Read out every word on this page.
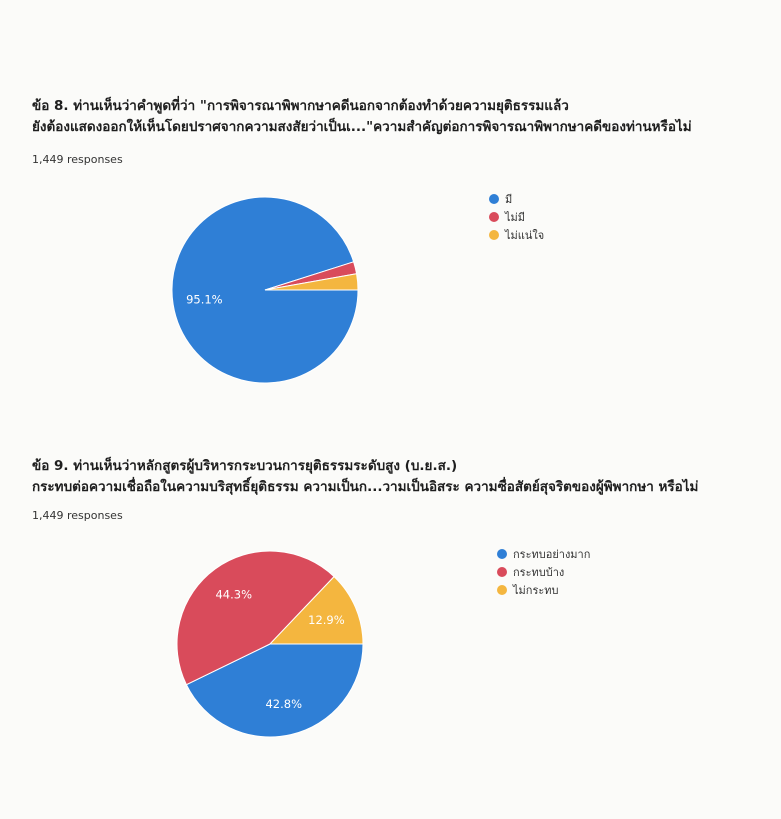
ข้อ 8. ท่านเห็นว่าคำพูดที่ว่า "การพิจารณาพิพากษาคดีนอกจากต้องทำด้วยความยุติธรรมแล้ว
ยังต้องแสดงออกให้เห็นโดยปราศจากความสงสัยว่าเป็นเ..."ความสำคัญต่อการพิจารณาพิพากษาคดีของท่านหรือไม่
1,449 responses
95.1%
มี
ไม่มี
ไม่แน่ใจ
ข้อ 9. ท่านเห็นว่าหลักสูตรผู้บริหารกระบวนการยุติธรรมระดับสูง (บ.ย.ส.)
กระทบต่อความเชื่อถือในความบริสุทธิ์ยุติธรรม ความเป็นก...วามเป็นอิสระ ความซื่อสัตย์สุจริตของผู้พิพากษา หรือไม่
1,449 responses
42.8%
44.3%
12.9%
กระทบอย่างมาก
กระทบบ้าง
ไม่กระทบ
